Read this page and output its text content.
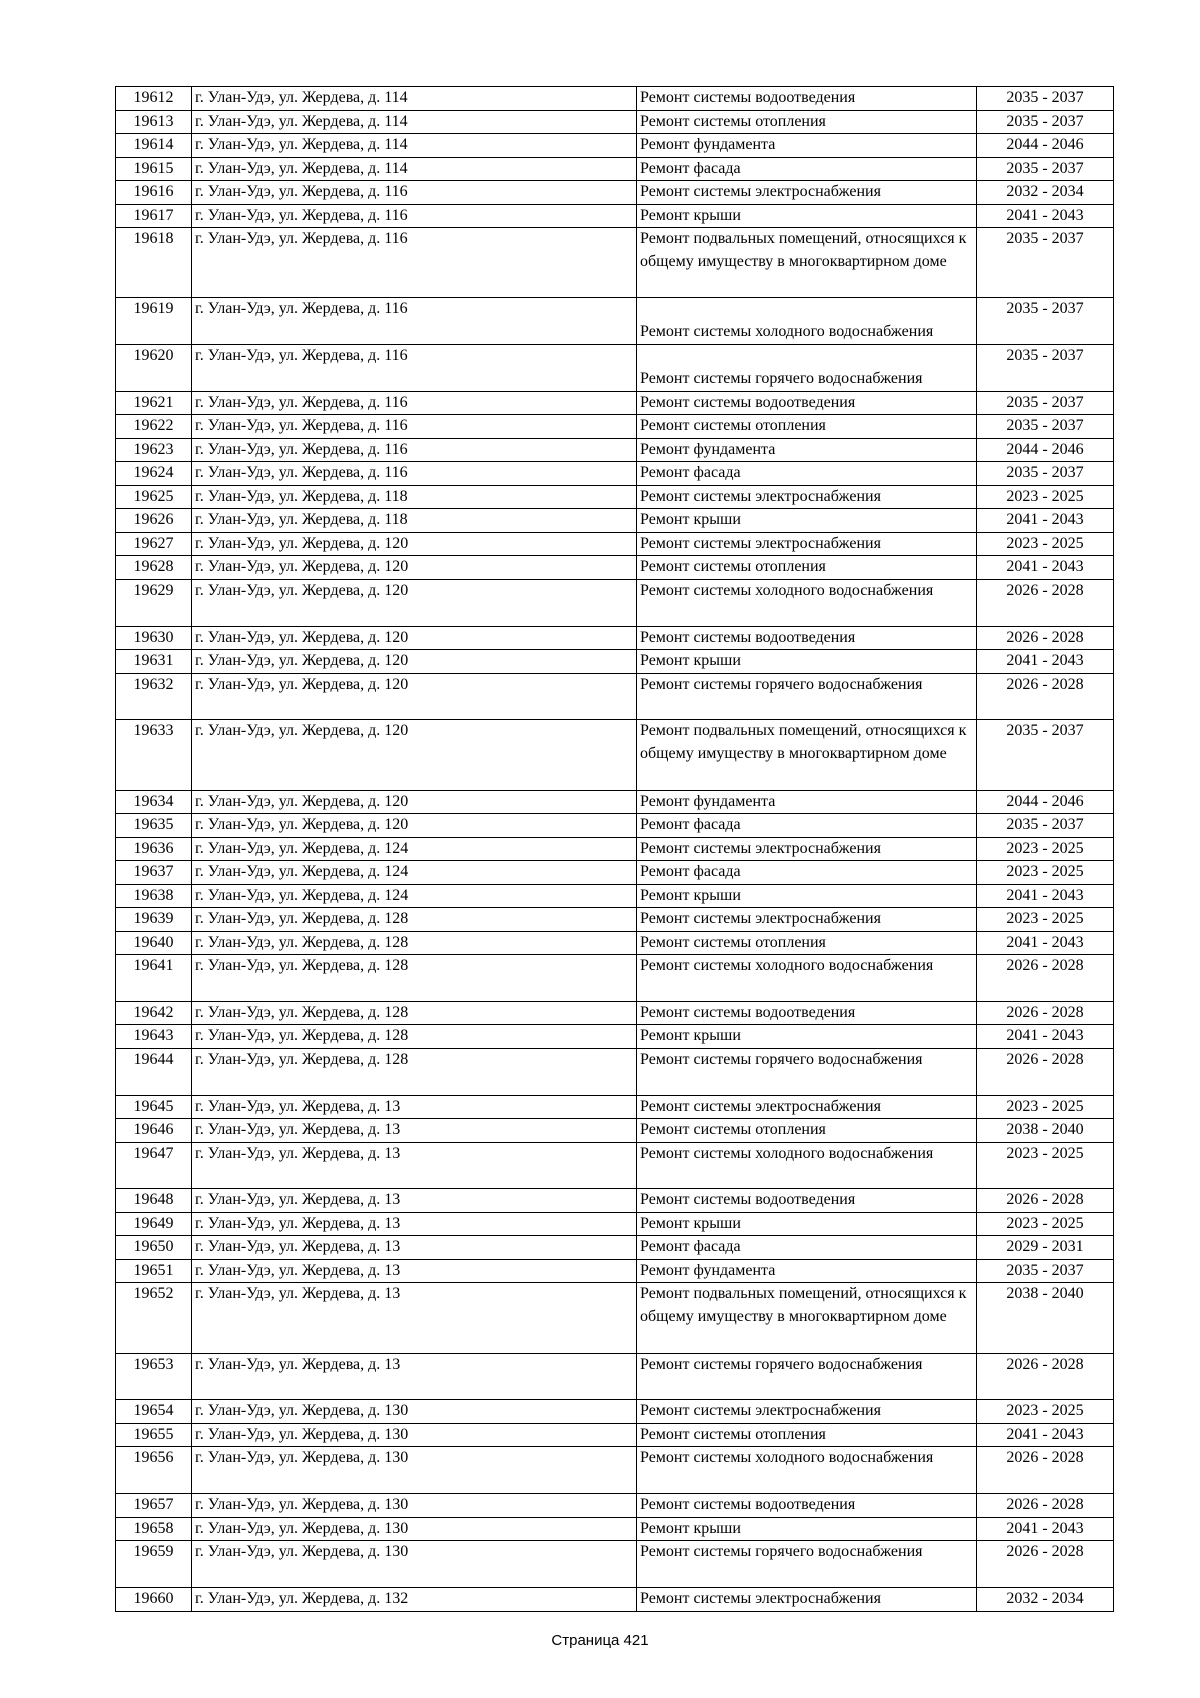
19612	г. Улан-Удэ, ул. Жердева, д. 114	Ремонт системы водоотведения	2035 - 2037
19613	г. Улан-Удэ, ул. Жердева, д. 114	Ремонт системы отопления	2035 - 2037
19614	г. Улан-Удэ, ул. Жердева, д. 114	Ремонт фундамента	2044 - 2046
19615	г. Улан-Удэ, ул. Жердева, д. 114	Ремонт фасада	2035 - 2037
19616	г. Улан-Удэ, ул. Жердева, д. 116	Ремонт системы электроснабжения	2032 - 2034
19617	г. Улан-Удэ, ул. Жердева, д. 116	Ремонт крыши	2041 - 2043
19618	г. Улан-Удэ, ул. Жердева, д. 116	Ремонт подвальных помещений, относящихся к общему имуществу в многоквартирном доме	2035 - 2037
19619	г. Улан-Удэ, ул. Жердева, д. 116	Ремонт системы холодного водоснабжения	2035 - 2037
19620	г. Улан-Удэ, ул. Жердева, д. 116	Ремонт системы горячего водоснабжения	2035 - 2037
19621	г. Улан-Удэ, ул. Жердева, д. 116	Ремонт системы водоотведения	2035 - 2037
19622	г. Улан-Удэ, ул. Жердева, д. 116	Ремонт системы отопления	2035 - 2037
19623	г. Улан-Удэ, ул. Жердева, д. 116	Ремонт фундамента	2044 - 2046
19624	г. Улан-Удэ, ул. Жердева, д. 116	Ремонт фасада	2035 - 2037
19625	г. Улан-Удэ, ул. Жердева, д. 118	Ремонт системы электроснабжения	2023 - 2025
19626	г. Улан-Удэ, ул. Жердева, д. 118	Ремонт крыши	2041 - 2043
19627	г. Улан-Удэ, ул. Жердева, д. 120	Ремонт системы электроснабжения	2023 - 2025
19628	г. Улан-Удэ, ул. Жердева, д. 120	Ремонт системы отопления	2041 - 2043
19629	г. Улан-Удэ, ул. Жердева, д. 120	Ремонт системы холодного водоснабжения	2026 - 2028
19630	г. Улан-Удэ, ул. Жердева, д. 120	Ремонт системы водоотведения	2026 - 2028
19631	г. Улан-Удэ, ул. Жердева, д. 120	Ремонт крыши	2041 - 2043
19632	г. Улан-Удэ, ул. Жердева, д. 120	Ремонт системы горячего водоснабжения	2026 - 2028
19633	г. Улан-Удэ, ул. Жердева, д. 120	Ремонт подвальных помещений, относящихся к общему имуществу в многоквартирном доме	2035 - 2037
19634	г. Улан-Удэ, ул. Жердева, д. 120	Ремонт фундамента	2044 - 2046
19635	г. Улан-Удэ, ул. Жердева, д. 120	Ремонт фасада	2035 - 2037
19636	г. Улан-Удэ, ул. Жердева, д. 124	Ремонт системы электроснабжения	2023 - 2025
19637	г. Улан-Удэ, ул. Жердева, д. 124	Ремонт фасада	2023 - 2025
19638	г. Улан-Удэ, ул. Жердева, д. 124	Ремонт крыши	2041 - 2043
19639	г. Улан-Удэ, ул. Жердева, д. 128	Ремонт системы электроснабжения	2023 - 2025
19640	г. Улан-Удэ, ул. Жердева, д. 128	Ремонт системы отопления	2041 - 2043
19641	г. Улан-Удэ, ул. Жердева, д. 128	Ремонт системы холодного водоснабжения	2026 - 2028
19642	г. Улан-Удэ, ул. Жердева, д. 128	Ремонт системы водоотведения	2026 - 2028
19643	г. Улан-Удэ, ул. Жердева, д. 128	Ремонт крыши	2041 - 2043
19644	г. Улан-Удэ, ул. Жердева, д. 128	Ремонт системы горячего водоснабжения	2026 - 2028
19645	г. Улан-Удэ, ул. Жердева, д. 13	Ремонт системы электроснабжения	2023 - 2025
19646	г. Улан-Удэ, ул. Жердева, д. 13	Ремонт системы отопления	2038 - 2040
19647	г. Улан-Удэ, ул. Жердева, д. 13	Ремонт системы холодного водоснабжения	2023 - 2025
19648	г. Улан-Удэ, ул. Жердева, д. 13	Ремонт системы водоотведения	2026 - 2028
19649	г. Улан-Удэ, ул. Жердева, д. 13	Ремонт крыши	2023 - 2025
19650	г. Улан-Удэ, ул. Жердева, д. 13	Ремонт фасада	2029 - 2031
19651	г. Улан-Удэ, ул. Жердева, д. 13	Ремонт фундамента	2035 - 2037
19652	г. Улан-Удэ, ул. Жердева, д. 13	Ремонт подвальных помещений, относящихся к общему имуществу в многоквартирном доме	2038 - 2040
19653	г. Улан-Удэ, ул. Жердева, д. 13	Ремонт системы горячего водоснабжения	2026 - 2028
19654	г. Улан-Удэ, ул. Жердева, д. 130	Ремонт системы электроснабжения	2023 - 2025
19655	г. Улан-Удэ, ул. Жердева, д. 130	Ремонт системы отопления	2041 - 2043
19656	г. Улан-Удэ, ул. Жердева, д. 130	Ремонт системы холодного водоснабжения	2026 - 2028
19657	г. Улан-Удэ, ул. Жердева, д. 130	Ремонт системы водоотведения	2026 - 2028
19658	г. Улан-Удэ, ул. Жердева, д. 130	Ремонт крыши	2041 - 2043
19659	г. Улан-Удэ, ул. Жердева, д. 130	Ремонт системы горячего водоснабжения	2026 - 2028
19660	г. Улан-Удэ, ул. Жердева, д. 132	Ремонт системы электроснабжения	2032 - 2034
Страница 421
